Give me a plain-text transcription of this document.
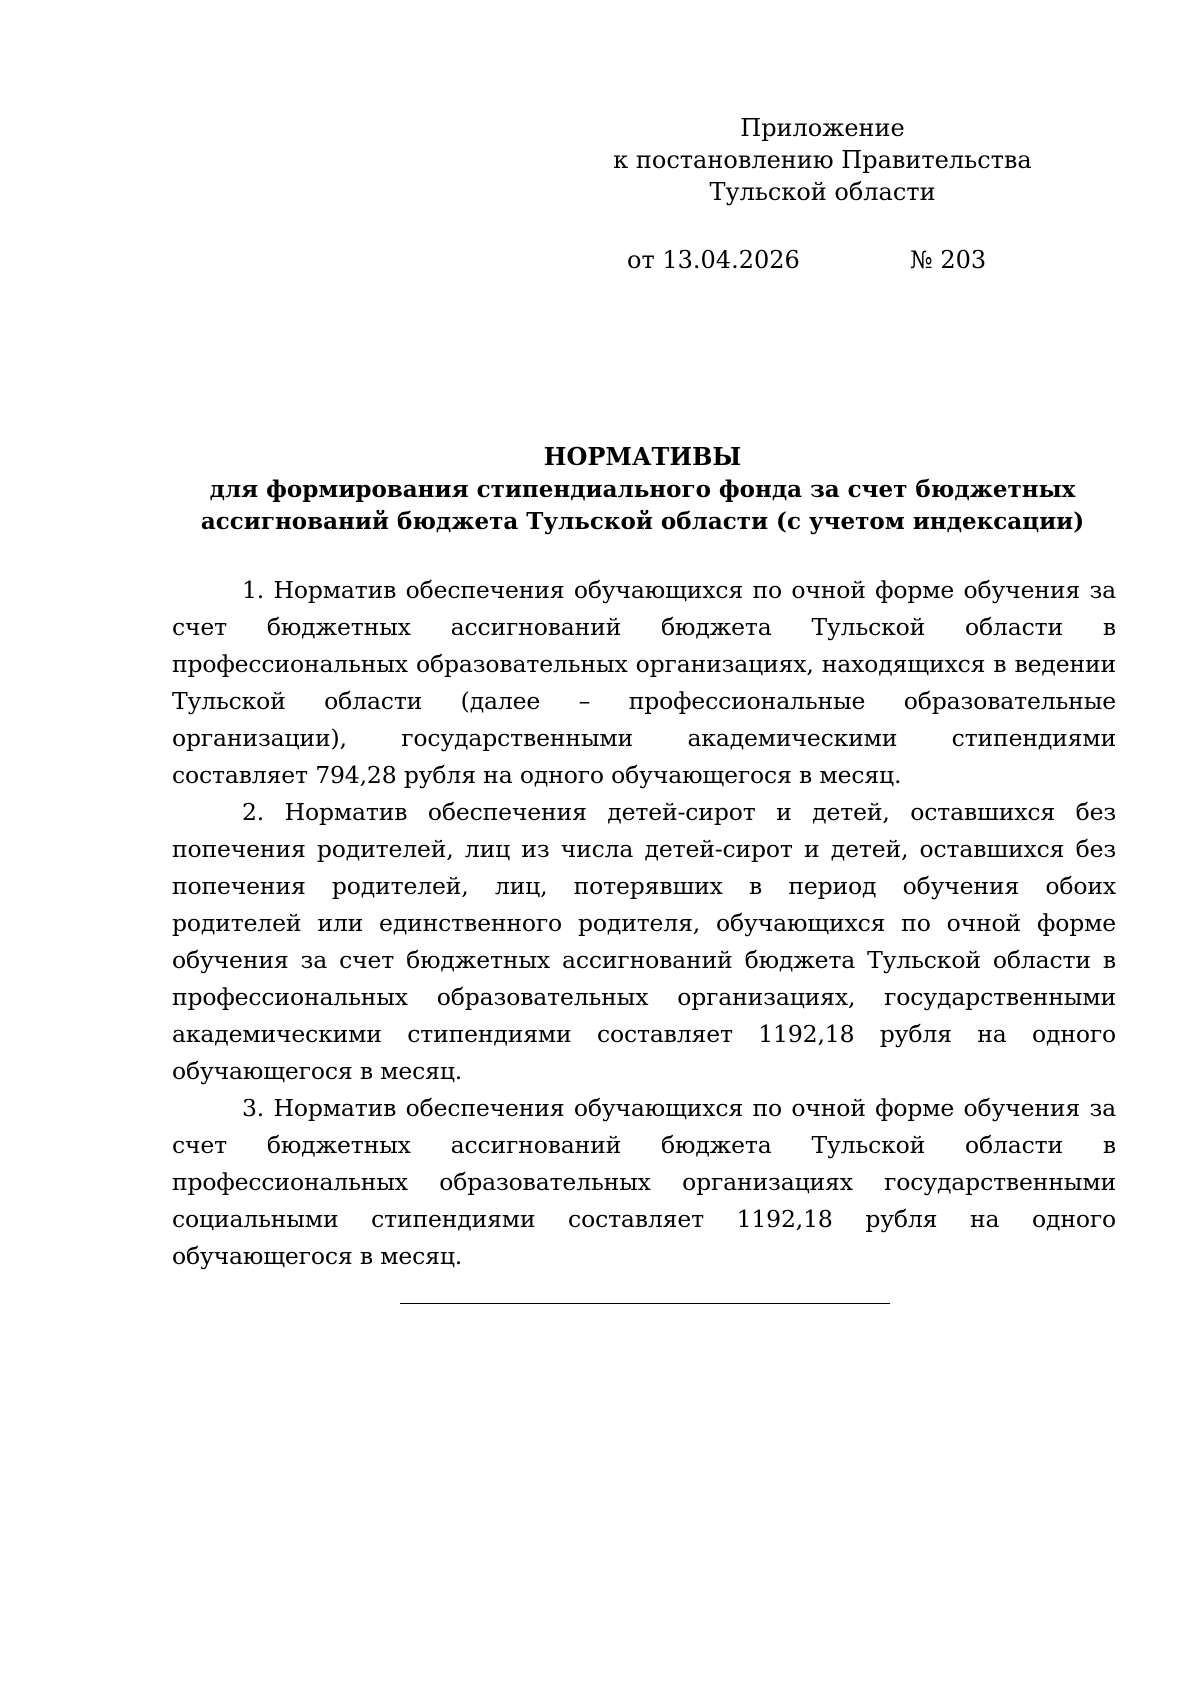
Приложение
к постановлению Правительства
Тульской области
от 13.04.2026	№ 203
НОРМАТИВЫ
для формирования стипендиального фонда за счет бюджетных
ассигнований бюджета Тульской области (с учетом индексации)

1. Норматив обеспечения обучающихся по очной форме обучения за счет бюджетных ассигнований бюджета Тульской области в профессиональных образовательных организациях, находящихся в ведении Тульской области (далее – профессиональные образовательные организации), государственными академическими стипендиями составляет 794,28 рубля на одного обучающегося в месяц.

2. Норматив обеспечения детей-сирот и детей, оставшихся без попечения родителей, лиц из числа детей-сирот и детей, оставшихся без попечения родителей, лиц, потерявших в период обучения обоих родителей или единственного родителя, обучающихся по очной форме обучения за счет бюджетных ассигнований бюджета Тульской области в профессиональных образовательных организациях, государственными академическими стипендиями составляет 1192,18 рубля на одного обучающегося в месяц.

3. Норматив обеспечения обучающихся по очной форме обучения за счет бюджетных ассигнований бюджета Тульской области в профессиональных образовательных организациях государственными социальными стипендиями составляет 1192,18 рубля на одного обучающегося в месяц.
